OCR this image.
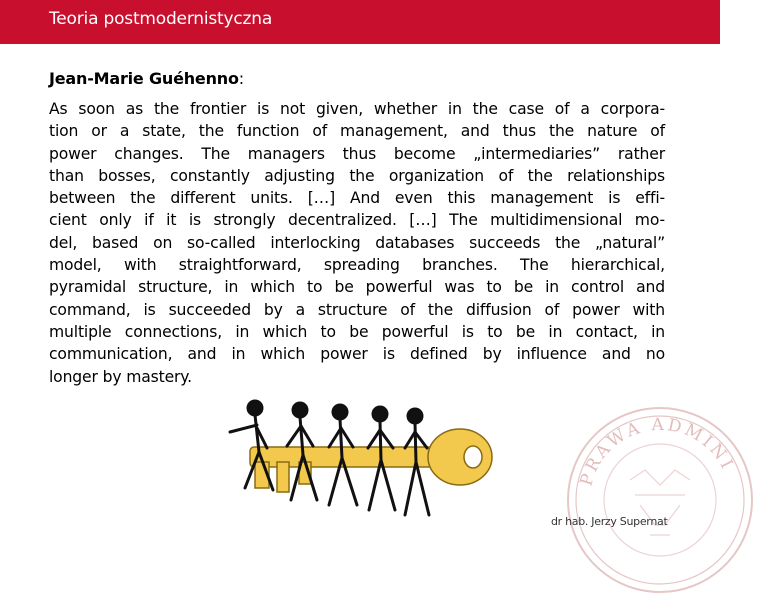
Teoria postmodernistyczna
Jean-Marie Guéhenno:
As soon as the frontier is not given, whether in the case of a corpora-
tion or a state, the function of management, and thus the nature of
power changes. The managers thus become „intermediaries” rather
than bosses, constantly adjusting the organization of the relationships
between the different units. […] And even this management is effi-
cient only if it is strongly decentralized. […] The multidimensional mo-
del, based on so-called interlocking databases succeeds the „natural”
model, with straightforward, spreading branches. The hierarchical,
pyramidal structure, in which to be powerful was to be in control and
command, is succeeded by a structure of the diffusion of power with
multiple connections, in which to be powerful is to be in contact, in
communication, and in which power is defined by influence and no
longer by mastery.
PRAWA ADMINI
dr hab. Jerzy Supernat
